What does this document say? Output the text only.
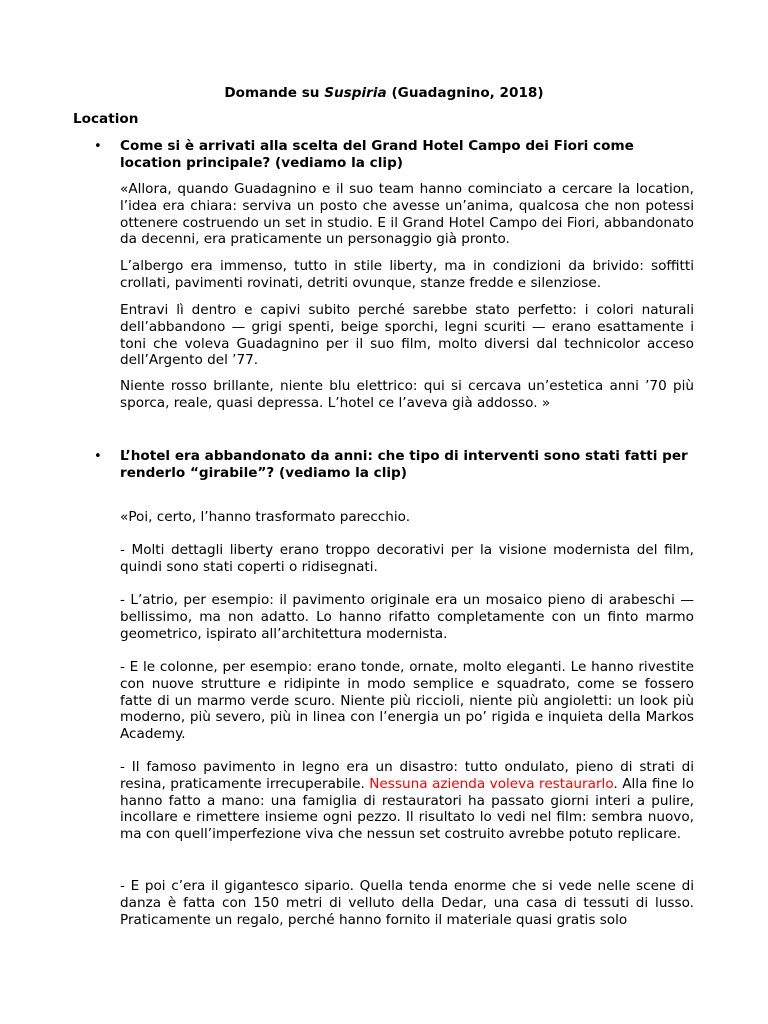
Domande su Suspiria (Guadagnino, 2018)
Location
• Come si è arrivati alla scelta del Grand Hotel Campo dei Fiori come location principale? (vediamo la clip)
«Allora, quando Guadagnino e il suo team hanno cominciato a cercare la location, l’idea era chiara: serviva un posto che avesse un’anima, qualcosa che non potessi ottenere costruendo un set in studio. E il Grand Hotel Campo dei Fiori, abbandonato da decenni, era praticamente un personaggio già pronto.
L’albergo era immenso, tutto in stile liberty, ma in condizioni da brivido: soffitti crollati, pavimenti rovinati, detriti ovunque, stanze fredde e silenziose.
Entravi lì dentro e capivi subito perché sarebbe stato perfetto: i colori naturali dell’abbandono — grigi spenti, beige sporchi, legni scuriti — erano esattamente i toni che voleva Guadagnino per il suo film, molto diversi dal technicolor acceso dell’Argento del ’77.
Niente rosso brillante, niente blu elettrico: qui si cercava un’estetica anni ’70 più sporca, reale, quasi depressa. L’hotel ce l’aveva già addosso. »
• L’hotel era abbandonato da anni: che tipo di interventi sono stati fatti per renderlo “girabile”? (vediamo la clip)
«Poi, certo, l’hanno trasformato parecchio.
- Molti dettagli liberty erano troppo decorativi per la visione modernista del film, quindi sono stati coperti o ridisegnati.
- L’atrio, per esempio: il pavimento originale era un mosaico pieno di arabeschi — bellissimo, ma non adatto. Lo hanno rifatto completamente con un finto marmo geometrico, ispirato all’architettura modernista.
- E le colonne, per esempio: erano tonde, ornate, molto eleganti. Le hanno rivestite con nuove strutture e ridipinte in modo semplice e squadrato, come se fossero fatte di un marmo verde scuro. Niente più riccioli, niente più angioletti: un look più moderno, più severo, più in linea con l’energia un po’ rigida e inquieta della Markos Academy.
- Il famoso pavimento in legno era un disastro: tutto ondulato, pieno di strati di resina, praticamente irrecuperabile. Nessuna azienda voleva restaurarlo. Alla fine lo hanno fatto a mano: una famiglia di restauratori ha passato giorni interi a pulire, incollare e rimettere insieme ogni pezzo. Il risultato lo vedi nel film: sembra nuovo, ma con quell’imperfezione viva che nessun set costruito avrebbe potuto replicare.
- E poi c’era il gigantesco sipario. Quella tenda enorme che si vede nelle scene di danza è fatta con 150 metri di velluto della Dedar, una casa di tessuti di lusso. Praticamente un regalo, perché hanno fornito il materiale quasi gratis solo
